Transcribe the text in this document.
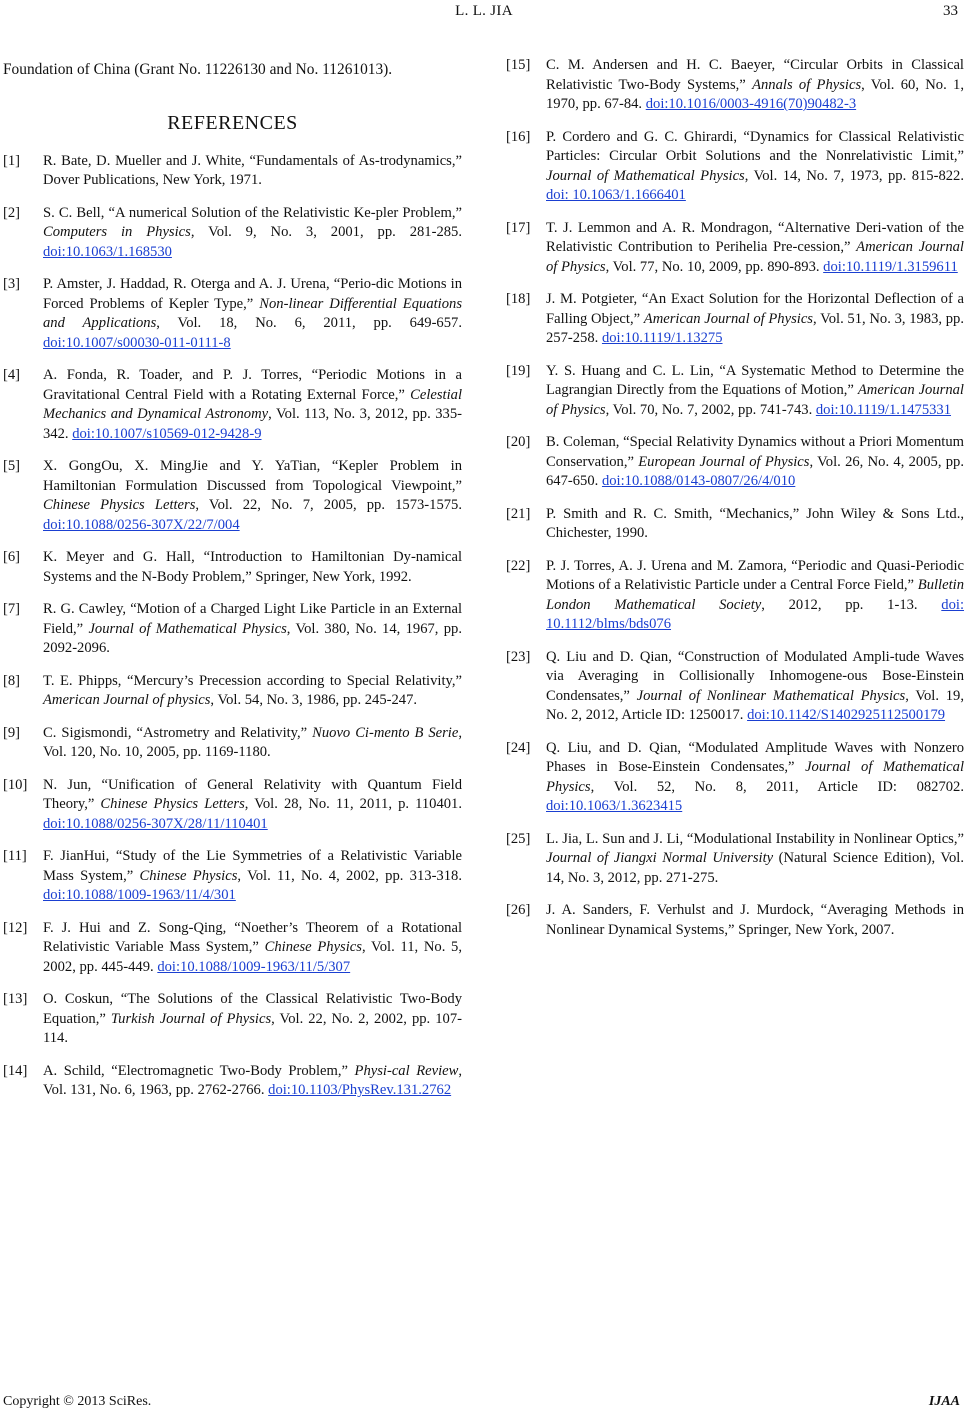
L. L. JIA	33

Foundation of China (Grant No. 11226130 and No. 11261013).

REFERENCES
[1] R. Bate, D. Mueller and J. White, “Fundamentals of As-trodynamics,” Dover Publications, New York, 1971.
[2] S. C. Bell, “A numerical Solution of the Relativistic Ke-pler Problem,” Computers in Physics, Vol. 9, No. 3, 2001, pp. 281-285. doi:10.1063/1.168530
[3] P. Amster, J. Haddad, R. Oterga and A. J. Urena, “Perio-dic Motions in Forced Problems of Kepler Type,” Non-linear Differential Equations and Applications, Vol. 18, No. 6, 2011, pp. 649-657. doi:10.1007/s00030-011-0111-8
[4] A. Fonda, R. Toader, and P. J. Torres, “Periodic Motions in a Gravitational Central Field with a Rotating External Force,” Celestial Mechanics and Dynamical Astronomy, Vol. 113, No. 3, 2012, pp. 335-342. doi:10.1007/s10569-012-9428-9
[5] X. GongOu, X. MingJie and Y. YaTian, “Kepler Problem in Hamiltonian Formulation Discussed from Topological Viewpoint,” Chinese Physics Letters, Vol. 22, No. 7, 2005, pp. 1573-1575. doi:10.1088/0256-307X/22/7/004
[6] K. Meyer and G. Hall, “Introduction to Hamiltonian Dy-namical Systems and the N-Body Problem,” Springer, New York, 1992.
[7] R. G. Cawley, “Motion of a Charged Light Like Particle in an External Field,” Journal of Mathematical Physics, Vol. 380, No. 14, 1967, pp. 2092-2096.
[8] T. E. Phipps, “Mercury’s Precession according to Special Relativity,” American Journal of physics, Vol. 54, No. 3, 1986, pp. 245-247.
[9] C. Sigismondi, “Astrometry and Relativity,” Nuovo Ci-mento B Serie, Vol. 120, No. 10, 2005, pp. 1169-1180.
[10] N. Jun, “Unification of General Relativity with Quantum Field Theory,” Chinese Physics Letters, Vol. 28, No. 11, 2011, p. 110401. doi:10.1088/0256-307X/28/11/110401
[11] F. JianHui, “Study of the Lie Symmetries of a Relativistic Variable Mass System,” Chinese Physics, Vol. 11, No. 4, 2002, pp. 313-318. doi:10.1088/1009-1963/11/4/301
[12] F. J. Hui and Z. Song-Qing, “Noether’s Theorem of a Rotational Relativistic Variable Mass System,” Chinese Physics, Vol. 11, No. 5, 2002, pp. 445-449. doi:10.1088/1009-1963/11/5/307
[13] O. Coskun, “The Solutions of the Classical Relativistic Two-Body Equation,” Turkish Journal of Physics, Vol. 22, No. 2, 2002, pp. 107-114.
[14] A. Schild, “Electromagnetic Two-Body Problem,” Physi-cal Review, Vol. 131, No. 6, 1963, pp. 2762-2766. doi:10.1103/PhysRev.131.2762
[15] C. M. Andersen and H. C. Baeyer, “Circular Orbits in Classical Relativistic Two-Body Systems,” Annals of Physics, Vol. 60, No. 1, 1970, pp. 67-84. doi:10.1016/0003-4916(70)90482-3
[16] P. Cordero and G. C. Ghirardi, “Dynamics for Classical Relativistic Particles: Circular Orbit Solutions and the Nonrelativistic Limit,” Journal of Mathematical Physics, Vol. 14, No. 7, 1973, pp. 815-822. doi: 10.1063/1.1666401
[17] T. J. Lemmon and A. R. Mondragon, “Alternative Deri-vation of the Relativistic Contribution to Perihelia Pre-cession,” American Journal of Physics, Vol. 77, No. 10, 2009, pp. 890-893. doi:10.1119/1.3159611
[18] J. M. Potgieter, “An Exact Solution for the Horizontal Deflection of a Falling Object,” American Journal of Physics, Vol. 51, No. 3, 1983, pp. 257-258. doi:10.1119/1.13275
[19] Y. S. Huang and C. L. Lin, “A Systematic Method to Determine the Lagrangian Directly from the Equations of Motion,” American Journal of Physics, Vol. 70, No. 7, 2002, pp. 741-743. doi:10.1119/1.1475331
[20] B. Coleman, “Special Relativity Dynamics without a Priori Momentum Conservation,” European Journal of Physics, Vol. 26, No. 4, 2005, pp. 647-650. doi:10.1088/0143-0807/26/4/010
[21] P. Smith and R. C. Smith, “Mechanics,” John Wiley & Sons Ltd., Chichester, 1990.
[22] P. J. Torres, A. J. Urena and M. Zamora, “Periodic and Quasi-Periodic Motions of a Relativistic Particle under a Central Force Field,” Bulletin London Mathematical Society, 2012, pp. 1-13. doi: 10.1112/blms/bds076
[23] Q. Liu and D. Qian, “Construction of Modulated Ampli-tude Waves via Averaging in Collisionally Inhomogene-ous Bose-Einstein Condensates,” Journal of Nonlinear Mathematical Physics, Vol. 19, No. 2, 2012, Article ID: 1250017. doi:10.1142/S1402925112500179
[24] Q. Liu, and D. Qian, “Modulated Amplitude Waves with Nonzero Phases in Bose-Einstein Condensates,” Journal of Mathematical Physics, Vol. 52, No. 8, 2011, Article ID: 082702. doi:10.1063/1.3623415
[25] L. Jia, L. Sun and J. Li, “Modulational Instability in Nonlinear Optics,” Journal of Jiangxi Normal University (Natural Science Edition), Vol. 14, No. 3, 2012, pp. 271-275.
[26] J. A. Sanders, F. Verhulst and J. Murdock, “Averaging Methods in Nonlinear Dynamical Systems,” Springer, New York, 2007.
Copyright © 2013 SciRes.	IJAA
